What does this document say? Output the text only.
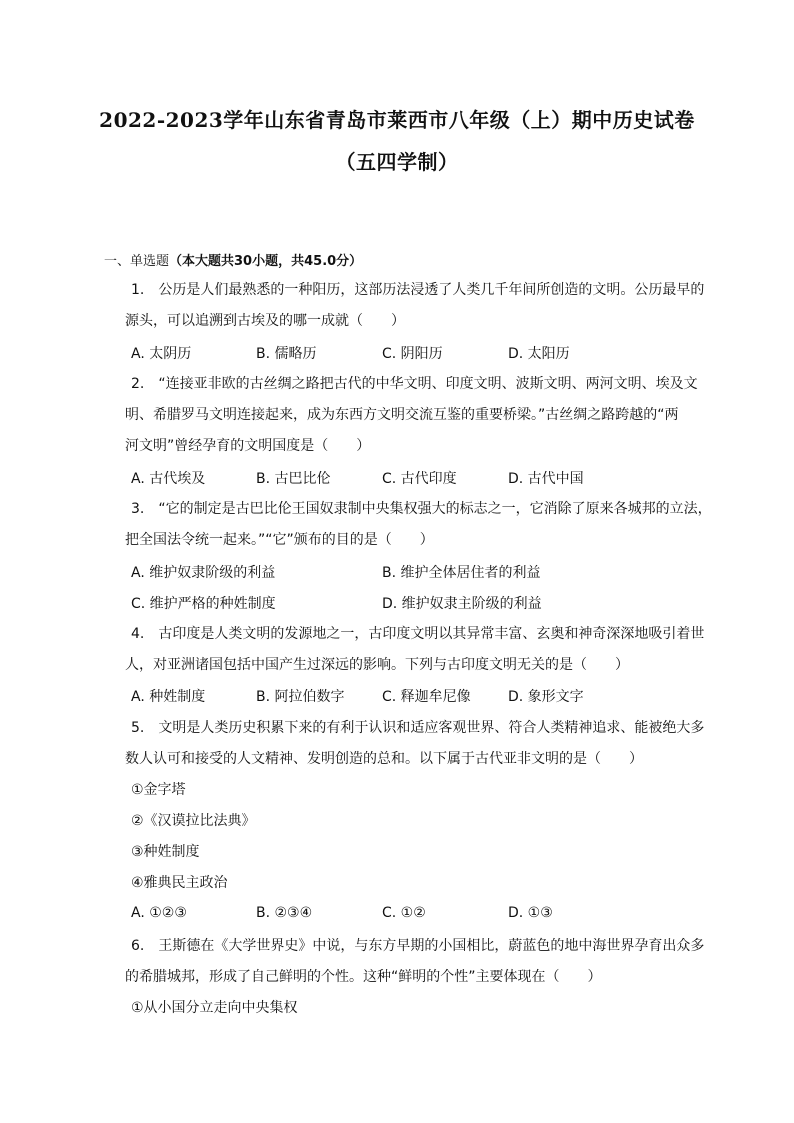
2022-2023学年山东省青岛市莱西市八年级（上）期中历史试卷
（五四学制）
一、单选题（本大题共30小题，共45.0分）
1.　公历是人们最熟悉的一种阳历，这部历法浸透了人类几千年间所创造的文明。公历最早的
源头，可以追溯到古埃及的哪一成就（　　）
A. 太阴历	B. 儒略历	C. 阴阳历	D. 太阳历
2.　“连接亚非欧的古丝绸之路把古代的中华文明、印度文明、波斯文明、两河文明、埃及文
明、希腊罗马文明连接起来，成为东西方文明交流互鉴的重要桥梁。”古丝绸之路跨越的“两
河文明”曾经孕育的文明国度是（　　）
A. 古代埃及	B. 古巴比伦	C. 古代印度	D. 古代中国
3.　“它的制定是古巴比伦王国奴隶制中央集权强大的标志之一，它消除了原来各城邦的立法，
把全国法令统一起来。”“它”颁布的目的是（　　）
A. 维护奴隶阶级的利益	B. 维护全体居住者的利益
C. 维护严格的种姓制度	D. 维护奴隶主阶级的利益
4.　古印度是人类文明的发源地之一，古印度文明以其异常丰富、玄奥和神奇深深地吸引着世
人，对亚洲诸国包括中国产生过深远的影响。下列与古印度文明无关的是（　　）
A. 种姓制度	B. 阿拉伯数字	C. 释迦牟尼像	D. 象形文字
5.　文明是人类历史积累下来的有利于认识和适应客观世界、符合人类精神追求、能被绝大多
数人认可和接受的人文精神、发明创造的总和。以下属于古代亚非文明的是（　　）
①金字塔
②《汉谟拉比法典》
③种姓制度
④雅典民主政治
A. ①②③	B. ②③④	C. ①②	D. ①③
6.　王斯德在《大学世界史》中说，与东方早期的小国相比，蔚蓝色的地中海世界孕育出众多
的希腊城邦，形成了自己鲜明的个性。这种“鲜明的个性”主要体现在（　　）
①从小国分立走向中央集权
